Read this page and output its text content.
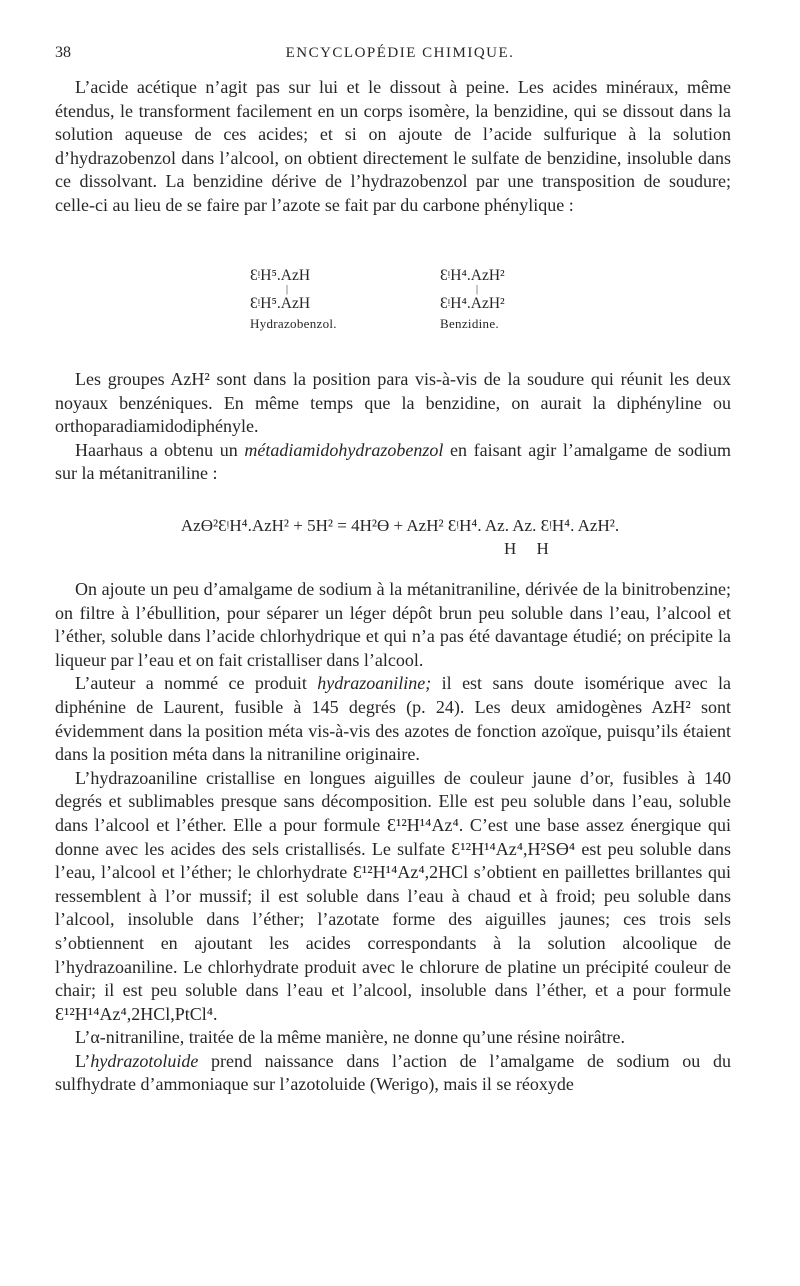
38	ENCYCLOPÉDIE CHIMIQUE.

L’acide acétique n’agit pas sur lui et le dissout à peine. Les acides minéraux, même étendus, le transforment facilement en un corps isomère, la benzidine, qui se dissout dans la solution aqueuse de ces acides; et si on ajoute de l’acide sulfurique à la solution d’hydrazobenzol dans l’alcool, on obtient directement le sulfate de benzidine, insoluble dans ce dissolvant. La benzidine dérive de l’hydrazobenzol par une transposition de soudure; celle-ci au lieu de se faire par l’azote se fait par du carbone phénylique :

ƐᵎH⁵.AzH
|
ƐᵎH⁵.AzH
Hydrazobenzol.
ƐᵎH⁴.AzH²
|
ƐᵎH⁴.AzH²
Benzidine.

Les groupes AzH² sont dans la position para vis-à-vis de la soudure qui réunit les deux noyaux benzéniques. En même temps que la benzidine, on aurait la diphényline ou orthoparadiamidodiphényle.

Haarhaus a obtenu un métadiamidohydrazobenzol en faisant agir l’amalgame de sodium sur la métanitraniline :

AzƟ²ƐᵎH⁴.AzH² + 5H² = 4H²Ɵ + AzH² ƐᵎH⁴. Az. Az. ƐᵎH⁴. AzH².
H H

On ajoute un peu d’amalgame de sodium à la métanitraniline, dérivée de la binitrobenzine; on filtre à l’ébullition, pour séparer un léger dépôt brun peu soluble dans l’eau, l’alcool et l’éther, soluble dans l’acide chlorhydrique et qui n’a pas été davantage étudié; on précipite la liqueur par l’eau et on fait cristalliser dans l’alcool.

L’auteur a nommé ce produit hydrazoaniline; il est sans doute isomérique avec la diphénine de Laurent, fusible à 145 degrés (p. 24). Les deux amidogènes AzH² sont évidemment dans la position méta vis-à-vis des azotes de fonction azoïque, puisqu’ils étaient dans la position méta dans la nitraniline originaire.

L’hydrazoaniline cristallise en longues aiguilles de couleur jaune d’or, fusibles à 140 degrés et sublimables presque sans décomposition. Elle est peu soluble dans l’eau, soluble dans l’alcool et l’éther. Elle a pour formule Ɛ¹²H¹⁴Az⁴. C’est une base assez énergique qui donne avec les acides des sels cristallisés. Le sulfate Ɛ¹²H¹⁴Az⁴,H²SƟ⁴ est peu soluble dans l’eau, l’alcool et l’éther; le chlorhydrate Ɛ¹²H¹⁴Az⁴,2HCl s’obtient en paillettes brillantes qui ressemblent à l’or mussif; il est soluble dans l’eau à chaud et à froid; peu soluble dans l’alcool, insoluble dans l’éther; l’azotate forme des aiguilles jaunes; ces trois sels s’obtiennent en ajoutant les acides correspondants à la solution alcoolique de l’hydrazoaniline. Le chlorhydrate produit avec le chlorure de platine un précipité couleur de chair; il est peu soluble dans l’eau et l’alcool, insoluble dans l’éther, et a pour formule Ɛ¹²H¹⁴Az⁴,2HCl,PtCl⁴.

L’α-nitraniline, traitée de la même manière, ne donne qu’une résine noirâtre.

L’hydrazotoluide prend naissance dans l’action de l’amalgame de sodium ou du sulfhydrate d’ammoniaque sur l’azotoluide (Werigo), mais il se réoxyde
